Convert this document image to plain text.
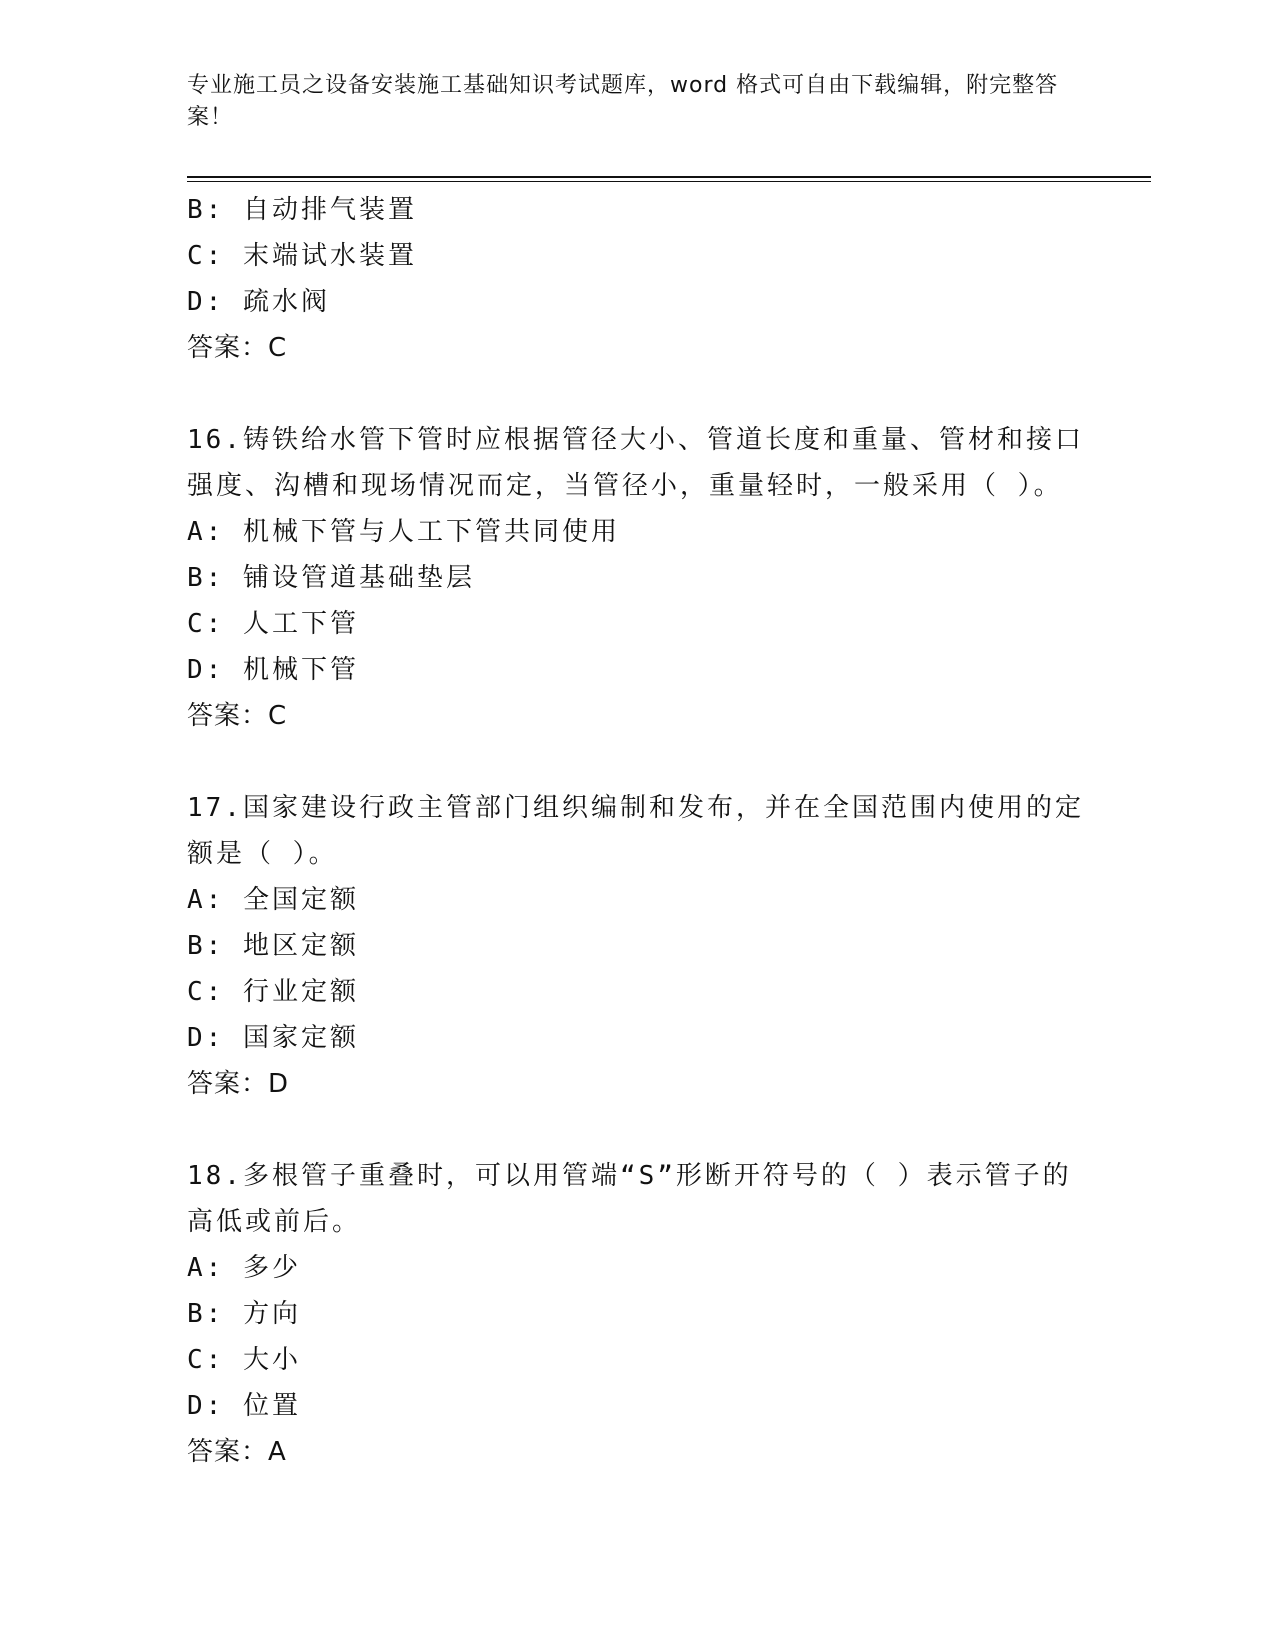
专业施工员之设备安装施工基础知识考试题库，word 格式可自由下载编辑，附完整答案！
B: 自动排气装置
C: 末端试水装置
D: 疏水阀
答案：C
16.铸铁给水管下管时应根据管径大小、管道长度和重量、管材和接口
强度、沟槽和现场情况而定，当管径小，重量轻时，一般采用（ ）。
A: 机械下管与人工下管共同使用
B: 铺设管道基础垫层
C: 人工下管
D: 机械下管
答案：C
17.国家建设行政主管部门组织编制和发布，并在全国范围内使用的定
额是（ ）。
A: 全国定额
B: 地区定额
C: 行业定额
D: 国家定额
答案：D
18.多根管子重叠时，可以用管端“S”形断开符号的（ ）表示管子的
高低或前后。
A: 多少
B: 方向
C: 大小
D: 位置
答案：A
